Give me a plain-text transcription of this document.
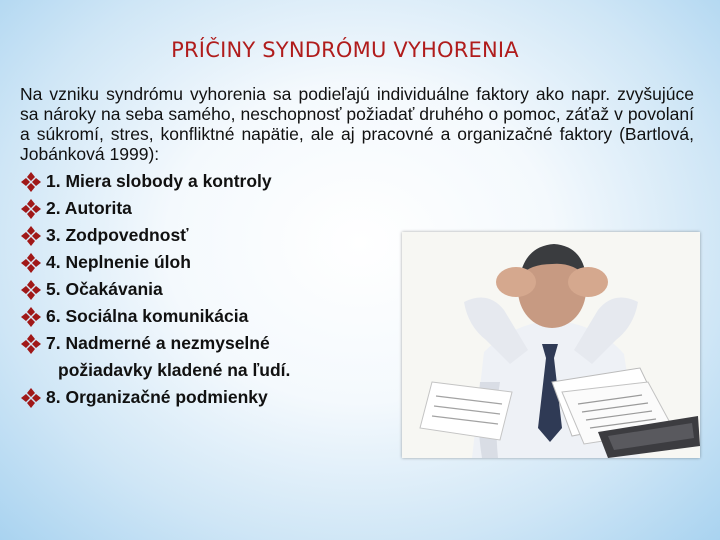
PRÍČINY SYNDRÓMU VYHORENIA
Na vzniku syndrómu vyhorenia sa podieľajú individuálne faktory ako napr. zvyšujúce sa nároky na seba samého, neschopnosť požiadať druhého o pomoc, záťaž v povolaní a súkromí, stres, konfliktné napätie, ale aj pracovné a organizačné faktory (Bartlová, Jobánková 1999):
1. Miera slobody a kontroly
2. Autorita
3. Zodpovednosť
4. Neplnenie úloh
5. Očakávania
6. Sociálna komunikácia
7. Nadmerné a nezmyselné
požiadavky kladené na ľudí.
8. Organizačné podmienky
